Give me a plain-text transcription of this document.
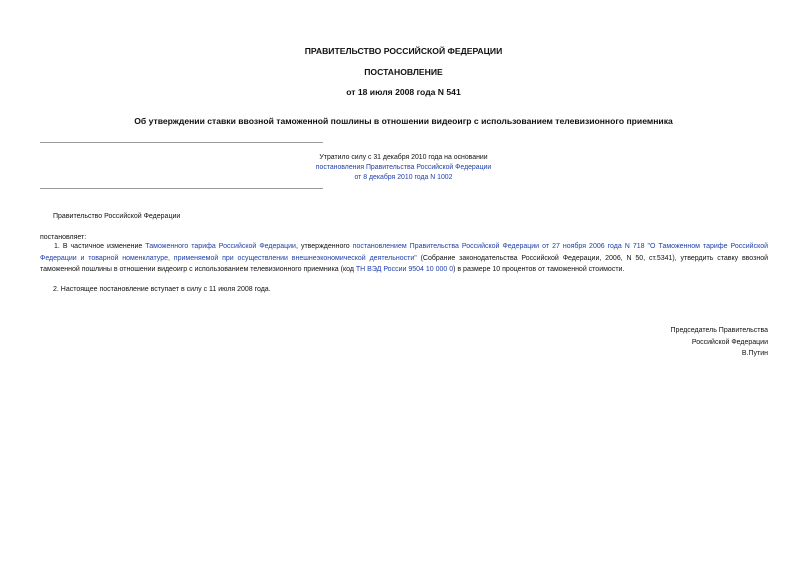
ПРАВИТЕЛЬСТВО РОССИЙСКОЙ ФЕДЕРАЦИИ
ПОСТАНОВЛЕНИЕ
от 18 июля 2008 года N 541
Об утверждении ставки ввозной таможенной пошлины в отношении видеоигр с использованием телевизионного приемника
Утратило силу с 31 декабря 2010 года на основании
постановления Правительства Российской Федерации
от 8 декабря 2010 года N 1002
Правительство Российской Федерации
постановляет:
1. В частичное изменение Таможенного тарифа Российской Федерации, утвержденного постановлением Правительства Российской Федерации от 27 ноября 2006 года N 718 "О Таможенном тарифе Российской Федерации и товарной номенклатуре, применяемой при осуществлении внешнеэкономической деятельности" (Собрание законодательства Российской Федерации, 2006, N 50, ст.5341), утвердить ставку ввозной таможенной пошлины в отношении видеоигр с использованием телевизионного приемника (код ТН ВЭД России 9504 10 000 0) в размере 10 процентов от таможенной стоимости.
2. Настоящее постановление вступает в силу с 11 июля 2008 года.
Председатель Правительства
Российской Федерации
В.Путин
